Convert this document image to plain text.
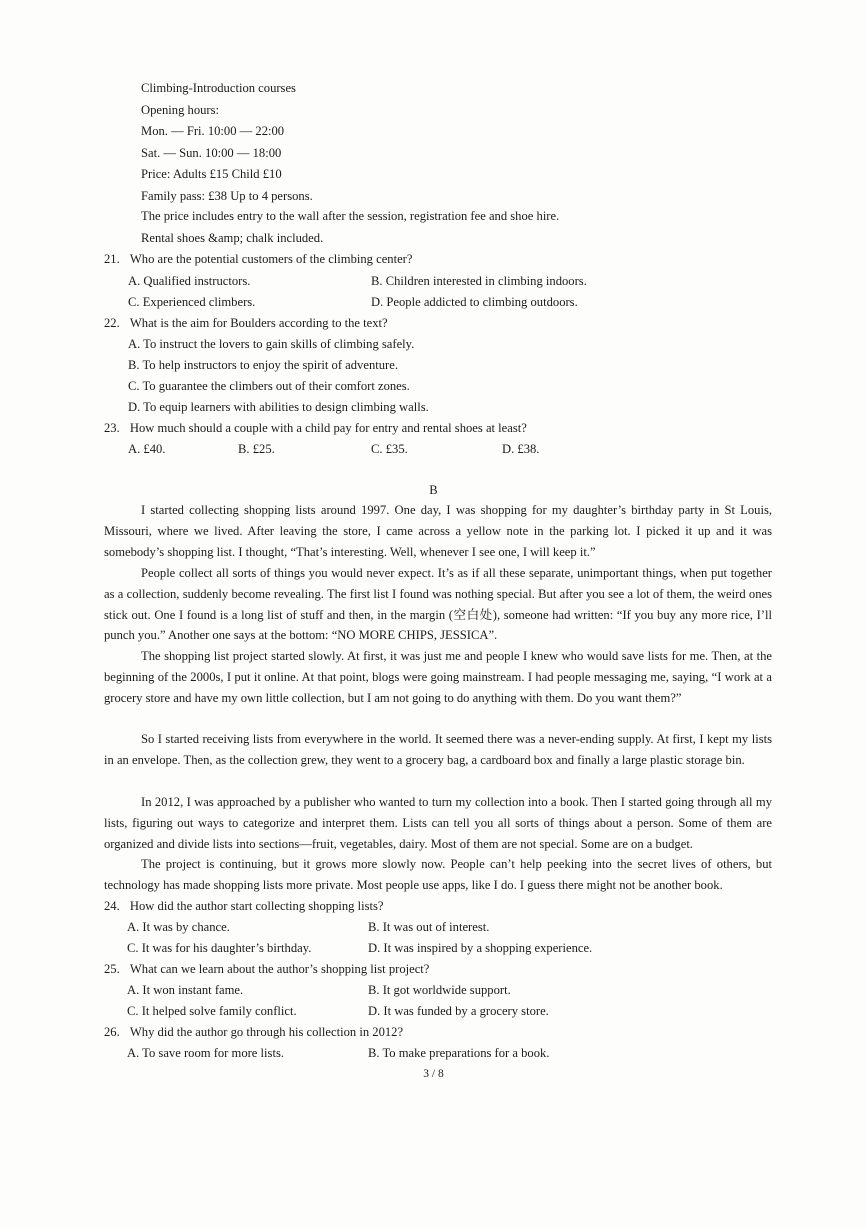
Climbing-Introduction courses
Opening hours:
Mon. — Fri. 10:00 — 22:00
Sat. — Sun. 10:00 — 18:00
Price: Adults £15 Child £10
Family pass: £38 Up to 4 persons.
The price includes entry to the wall after the session, registration fee and shoe hire.
Rental shoes &amp; chalk included.
21. Who are the potential customers of the climbing center?
A. Qualified instructors.	B. Children interested in climbing indoors.
C. Experienced climbers.	D. People addicted to climbing outdoors.
22. What is the aim for Boulders according to the text?
A. To instruct the lovers to gain skills of climbing safely.
B. To help instructors to enjoy the spirit of adventure.
C. To guarantee the climbers out of their comfort zones.
D. To equip learners with abilities to design climbing walls.
23. How much should a couple with a child pay for entry and rental shoes at least?
A. £40.	B. £25.	C. £35.	D. £38.
B
I started collecting shopping lists around 1997. One day, I was shopping for my daughter’s birthday party in St Louis, Missouri, where we lived. After leaving the store, I came across a yellow note in the parking lot. I picked it up and it was somebody’s shopping list. I thought, “That’s interesting. Well, whenever I see one, I will keep it.”
People collect all sorts of things you would never expect. It’s as if all these separate, unimportant things, when put together as a collection, suddenly become revealing. The first list I found was nothing special. But after you see a lot of them, the weird ones stick out. One I found is a long list of stuff and then, in the margin (空白处), someone had written: “If you buy any more rice, I’ll punch you.” Another one says at the bottom: “NO MORE CHIPS, JESSICA”.
The shopping list project started slowly. At first, it was just me and people I knew who would save lists for me. Then, at the beginning of the 2000s, I put it online. At that point, blogs were going mainstream. I had people messaging me, saying, “I work at a grocery store and have my own little collection, but I am not going to do anything with them. Do you want them?”
So I started receiving lists from everywhere in the world. It seemed there was a never-ending supply. At first, I kept my lists in an envelope. Then, as the collection grew, they went to a grocery bag, a cardboard box and finally a large plastic storage bin.
In 2012, I was approached by a publisher who wanted to turn my collection into a book. Then I started going through all my lists, figuring out ways to categorize and interpret them. Lists can tell you all sorts of things about a person. Some of them are organized and divide lists into sections—fruit, vegetables, dairy. Most of them are not special. Some are on a budget.
The project is continuing, but it grows more slowly now. People can’t help peeking into the secret lives of others, but technology has made shopping lists more private. Most people use apps, like I do. I guess there might not be another book.
24. How did the author start collecting shopping lists?
A. It was by chance.	B. It was out of interest.
C. It was for his daughter’s birthday.	D. It was inspired by a shopping experience.
25. What can we learn about the author’s shopping list project?
A. It won instant fame.	B. It got worldwide support.
C. It helped solve family conflict.	D. It was funded by a grocery store.
26. Why did the author go through his collection in 2012?
A. To save room for more lists.	B. To make preparations for a book.
3 / 8
